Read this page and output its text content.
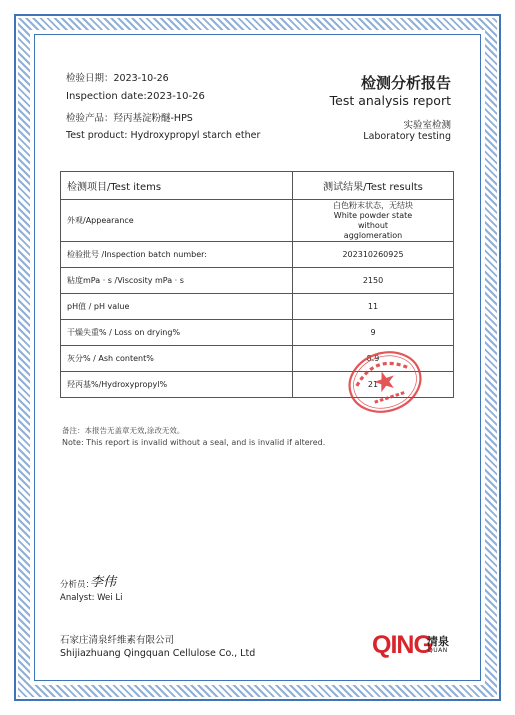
检验日期：2023-10-26
Inspection date:2023-10-26
检验产品：羟丙基淀粉醚-HPS
Test product: Hydroxypropyl starch ether
检测分析报告
Test analysis report
实验室检测
Laboratory testing
检测项目/Test items	测试结果/Test results
外观/Appearance	白色粉末状态，无结块
White powder state without agglomeration

检验批号 /Inspection batch number:	202310260925
粘度mPa · s /Viscosity mPa · s	2150
pH值 / pH value	11
干燥失重% / Loss on drying%	9
灰分% / Ash content%	8.9
羟丙基%/Hydroxypropyl%	21
备注：本报告无盖章无效,涂改无效。
Note: This report is invalid without a seal, and is invalid if altered.
分析员：
李伟
Analyst: Wei Li
石家庄清泉纤维素有限公司
Shijiazhuang Qingquan Cellulose Co., Ltd	QING
清泉
QUAN
